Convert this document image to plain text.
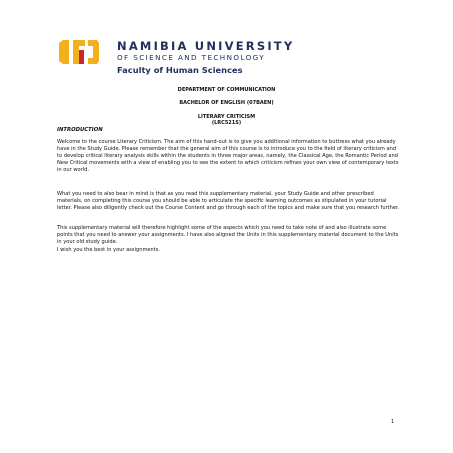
NAMIBIA UNIVERSITY
OF SCIENCE AND TECHNOLOGY
Faculty of Human Sciences
DEPARTMENT OF COMMUNICATION
BACHELOR OF ENGLISH (07BAEN)
LITERARY CRITICISM
(LRC521S)
INTRODUCTION

Welcome to the course Literary Criticism. The aim of this hand-out is to give you additional information to buttress what you already have in the Study Guide. Please remember that the general aim of this course is to introduce you to the field of literary criticism and to develop critical literary analysis skills within the students in three major areas, namely, the Classical Age, the Romantic Period and New Critical movements with a view of enabling you to see the extent to which criticism refines your own view of contemporary texts in our world.

What you need to also bear in mind is that as you read this supplementary material, your Study Guide and other prescribed materials, on completing this course you should be able to articulate the specific learning outcomes as stipulated in your tutorial letter. Please also diligently check out the Course Content and go through each of the topics and make sure that you research further.

This supplementary material will therefore highlight some of the aspects which you need to take note of and also illustrate some points that you need to answer your assignments. I have also aligned the Units in this supplementary material document to the Units in your old study guide.

I wish you the best in your assignments.

1
